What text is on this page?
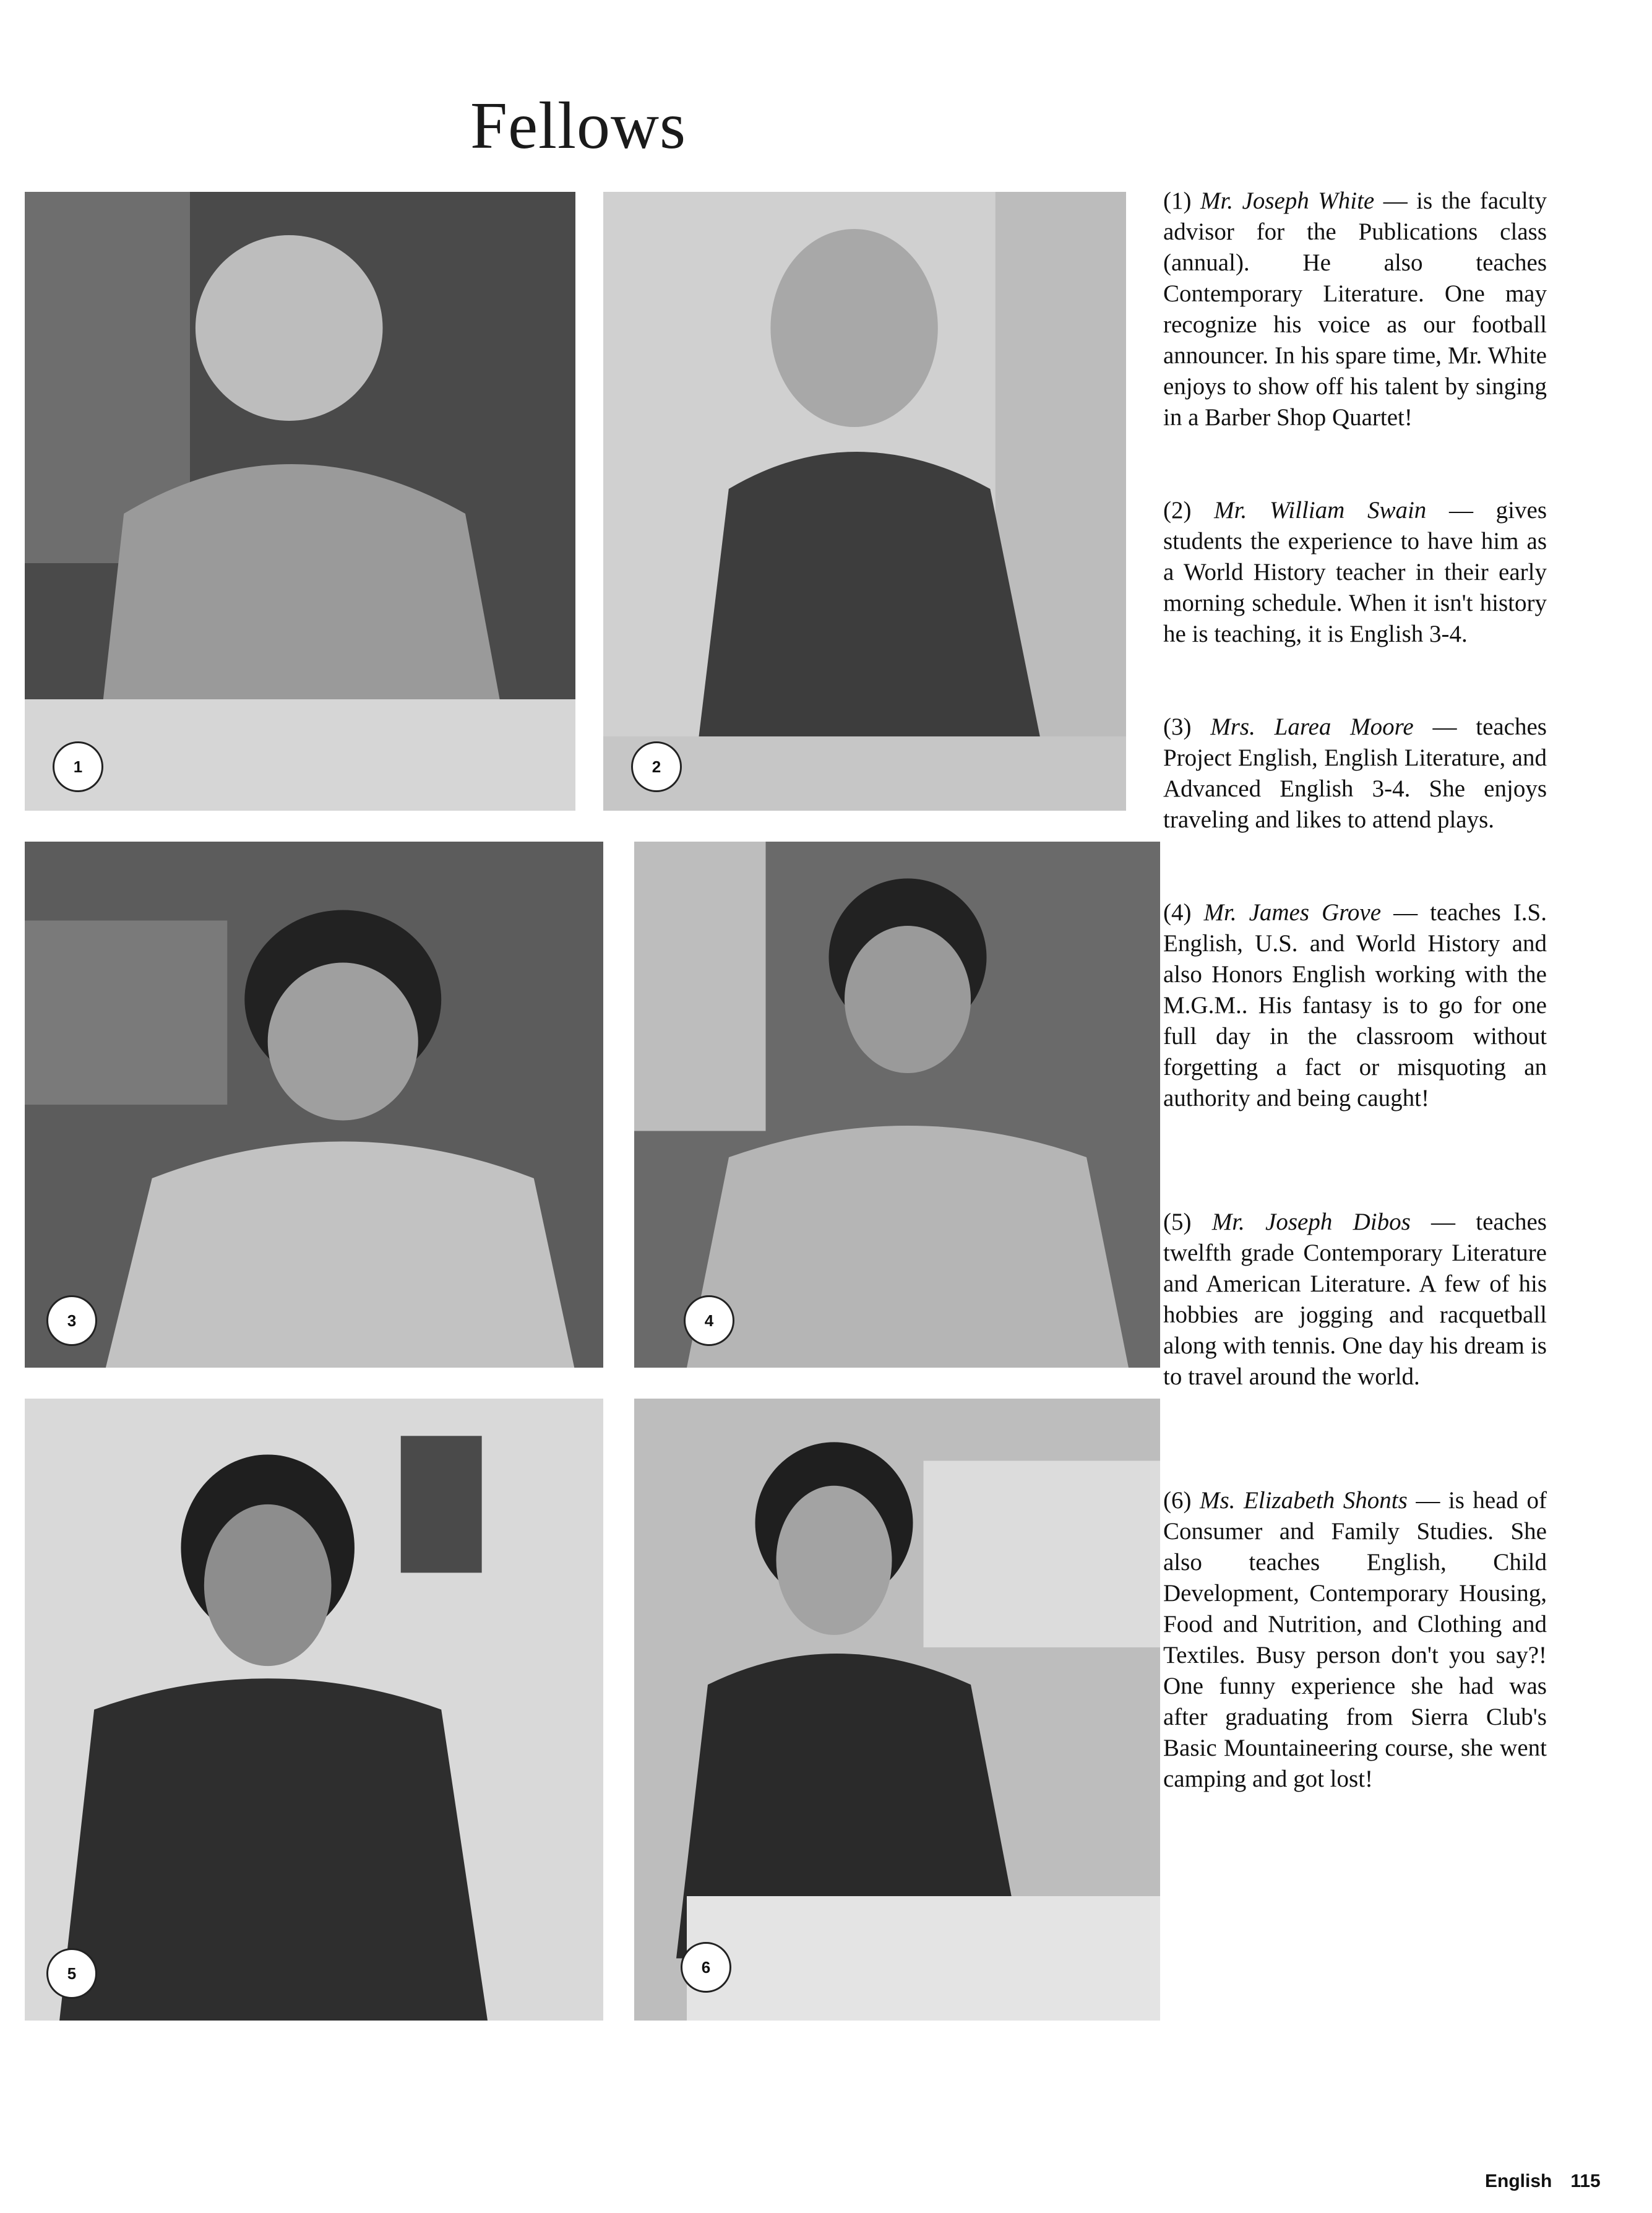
Fellows
1	2
3	4
5	6
(1) Mr. Joseph White — is the faculty advisor for the Publications class (annual). He also teaches Contemporary Literature. One may recognize his voice as our football announcer. In his spare time, Mr. White enjoys to show off his talent by singing in a Barber Shop Quartet!
(2) Mr. William Swain — gives students the experience to have him as a World History teacher in their early morning schedule. When it isn't history he is teaching, it is English 3-4.
(3) Mrs. Larea Moore — teaches Project English, English Literature, and Advanced English 3-4. She enjoys traveling and likes to attend plays.
(4) Mr. James Grove — teaches I.S. English, U.S. and World History and also Honors English working with the M.G.M.. His fantasy is to go for one full day in the classroom without forgetting a fact or misquoting an authority and being caught!
(5) Mr. Joseph Dibos — teaches twelfth grade Contemporary Literature and American Literature. A few of his hobbies are jogging and racquetball along with tennis. One day his dream is to travel around the world.
(6) Ms. Elizabeth Shonts — is head of Consumer and Family Studies. She also teaches English, Child Development, Contemporary Housing, Food and Nutrition, and Clothing and Textiles. Busy person don't you say?! One funny experience she had was after graduating from Sierra Club's Basic Mountaineering course, she went camping and got lost!
English 115
